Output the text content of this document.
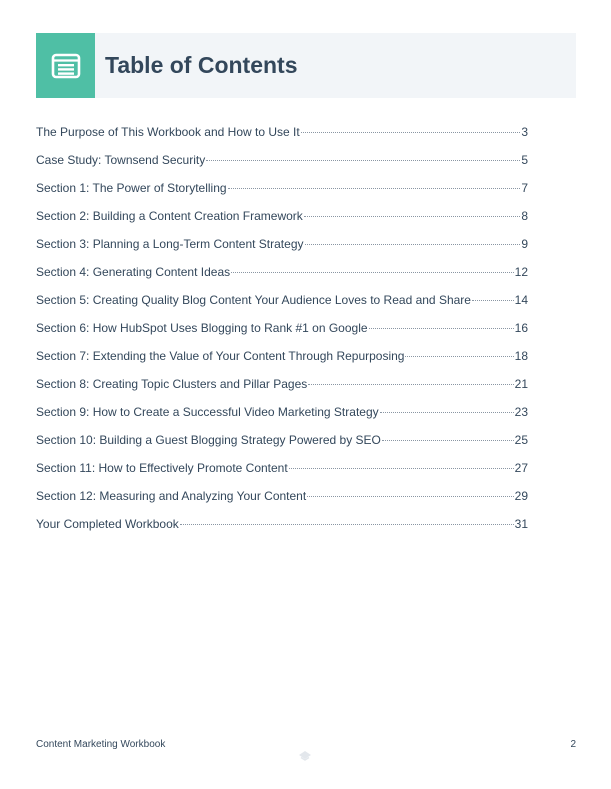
Table of Contents
The Purpose of This Workbook and How to Use It	3
Case Study: Townsend Security	5
Section 1: The Power of Storytelling	7
Section 2: Building a Content Creation Framework	8
Section 3: Planning a Long-Term Content Strategy	9
Section 4: Generating Content Ideas	12
Section 5: Creating Quality Blog Content Your Audience Loves to Read and Share	14
Section 6: How HubSpot Uses Blogging to Rank #1 on Google	16
Section 7: Extending the Value of Your Content Through Repurposing	18
Section 8: Creating Topic Clusters and Pillar Pages	21
Section 9: How to Create a Successful Video Marketing Strategy	23
Section 10: Building a Guest Blogging Strategy Powered by SEO	25
Section 11: How to Effectively Promote Content	27
Section 12: Measuring and Analyzing Your Content	29
Your Completed Workbook	31
Content Marketing Workbook	2
